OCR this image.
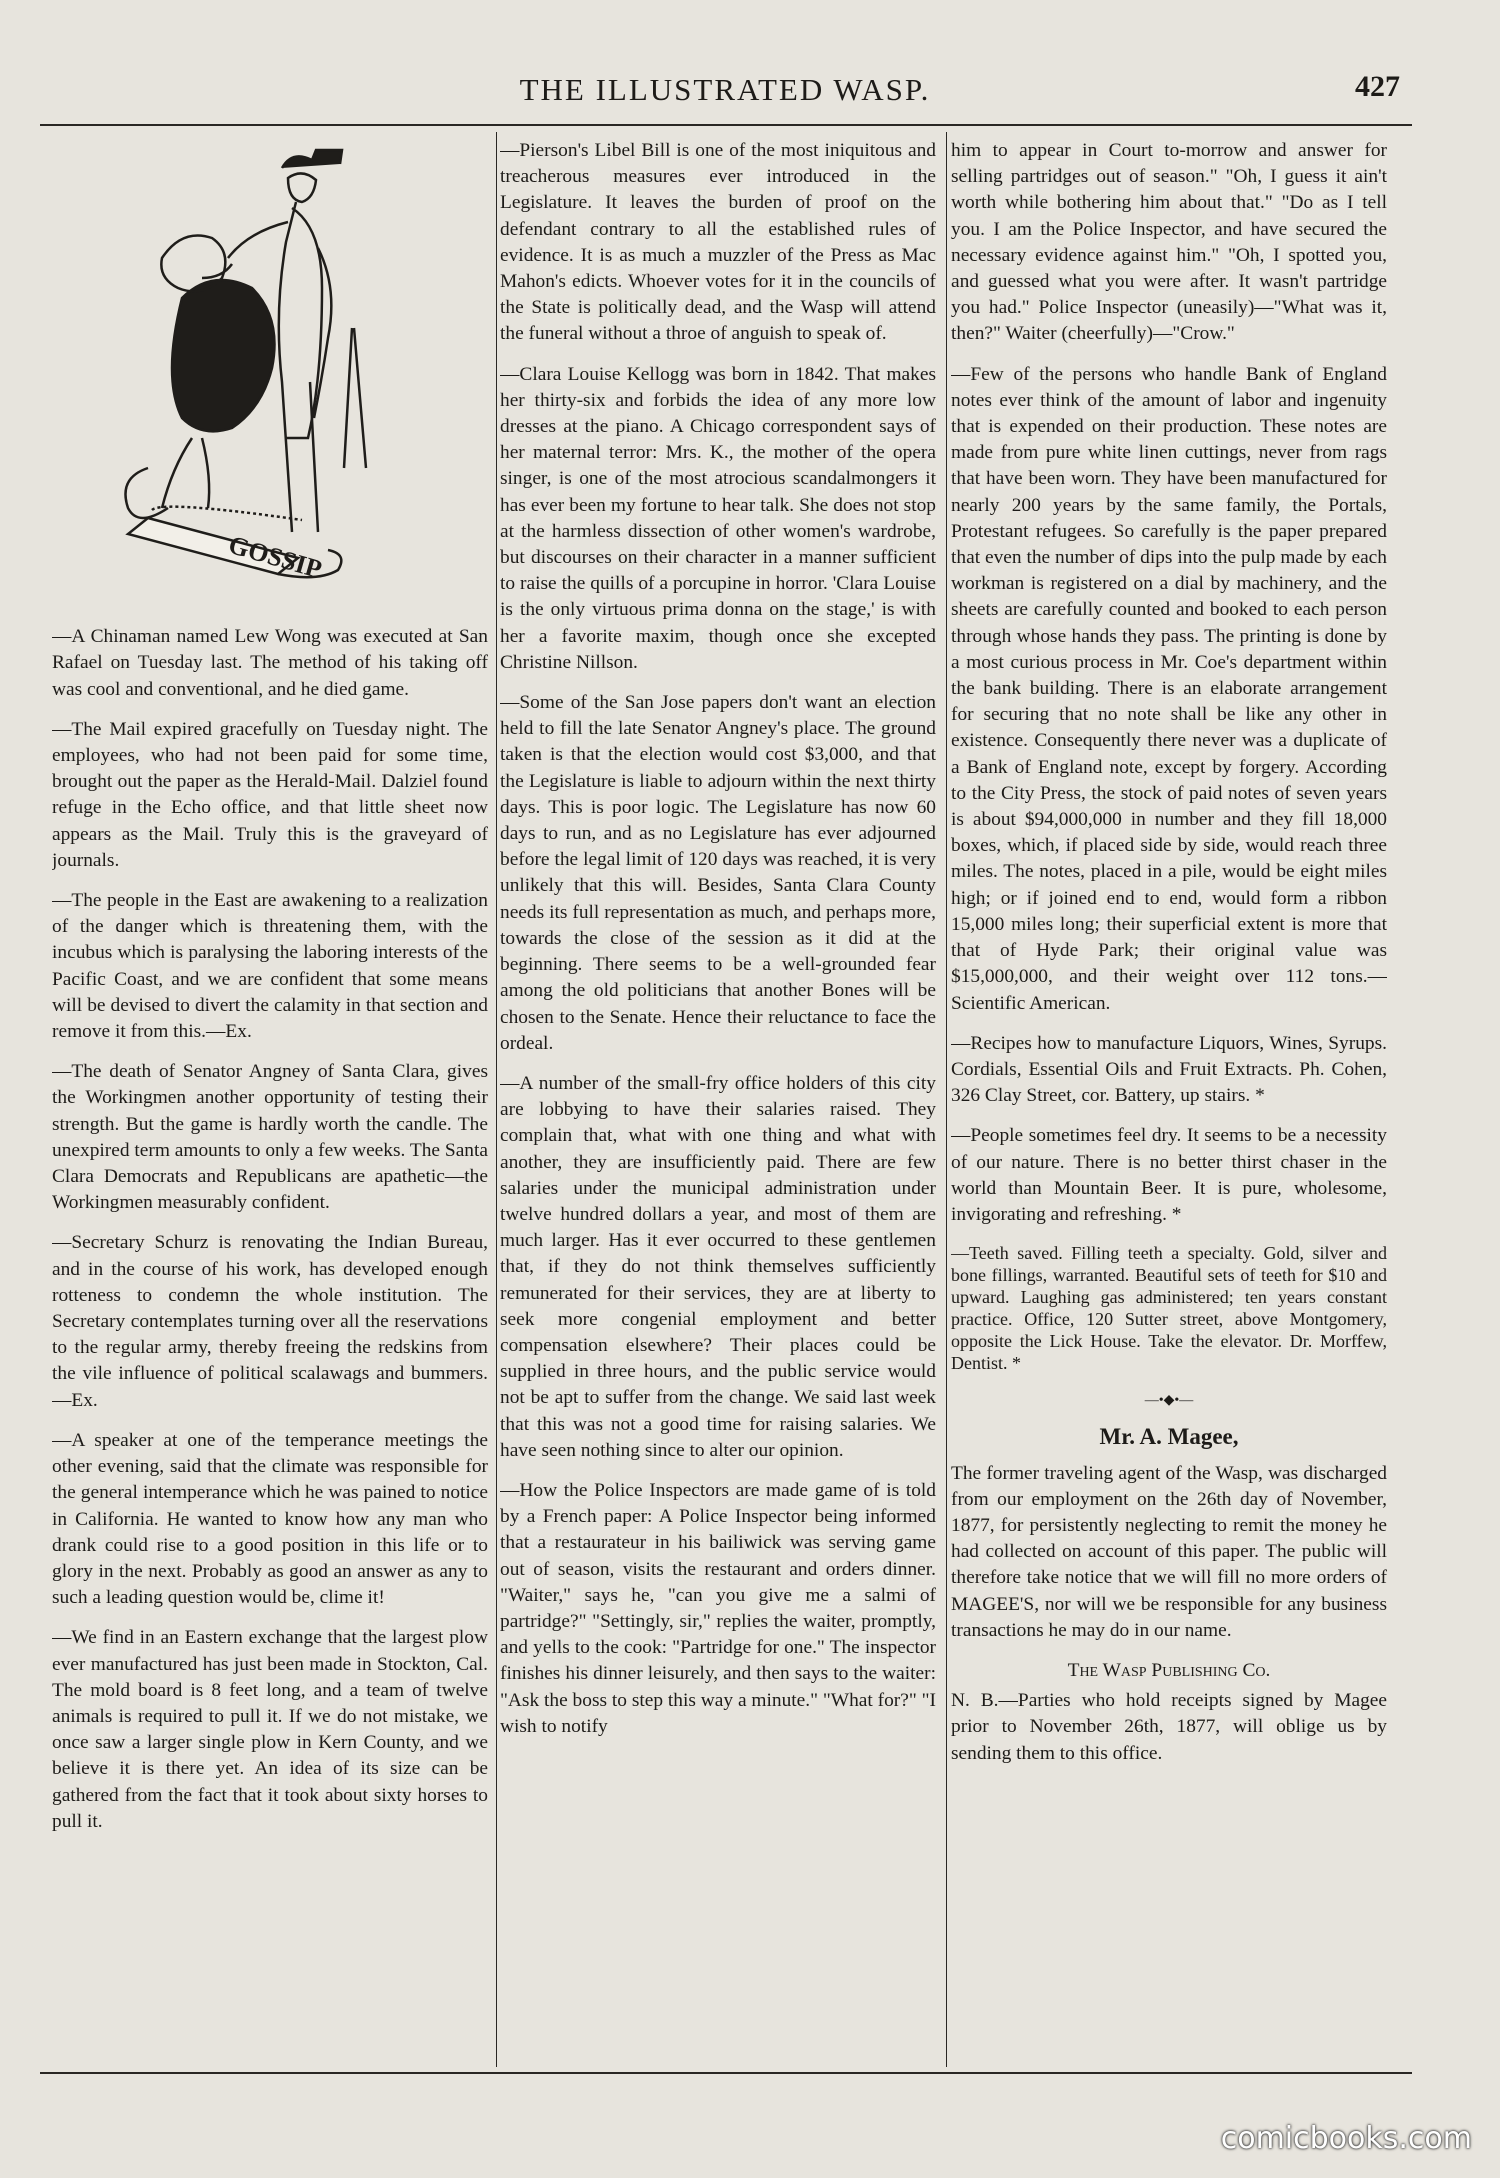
THE ILLUSTRATED WASP.	427
GOSSIP

—A Chinaman named Lew Wong was executed at San Rafael on Tuesday last. The method of his taking off was cool and conventional, and he died game.

—The Mail expired gracefully on Tuesday night. The employees, who had not been paid for some time, brought out the paper as the Herald-Mail. Dalziel found refuge in the Echo office, and that little sheet now appears as the Mail. Truly this is the graveyard of journals.

—The people in the East are awakening to a realization of the danger which is threatening them, with the incubus which is paralysing the laboring interests of the Pacific Coast, and we are confident that some means will be devised to divert the calamity in that section and remove it from this.—Ex.

—The death of Senator Angney of Santa Clara, gives the Workingmen another opportunity of testing their strength. But the game is hardly worth the candle. The unexpired term amounts to only a few weeks. The Santa Clara Democrats and Republicans are apathetic—the Workingmen measurably confident.

—Secretary Schurz is renovating the Indian Bureau, and in the course of his work, has developed enough rotteness to condemn the whole institution. The Secretary contemplates turning over all the reservations to the regular army, thereby freeing the redskins from the vile influence of political scalawags and bummers.—Ex.

—A speaker at one of the temperance meetings the other evening, said that the climate was responsible for the general intemperance which he was pained to notice in California. He wanted to know how any man who drank could rise to a good position in this life or to glory in the next. Probably as good an answer as any to such a leading question would be, clime it!

—We find in an Eastern exchange that the largest plow ever manufactured has just been made in Stockton, Cal. The mold board is 8 feet long, and a team of twelve animals is required to pull it. If we do not mistake, we once saw a larger single plow in Kern County, and we believe it is there yet. An idea of its size can be gathered from the fact that it took about sixty horses to pull it.

—Pierson's Libel Bill is one of the most iniquitous and treacherous measures ever introduced in the Legislature. It leaves the burden of proof on the defendant contrary to all the established rules of evidence. It is as much a muzzler of the Press as Mac Mahon's edicts. Whoever votes for it in the councils of the State is politically dead, and the Wasp will attend the funeral without a throe of anguish to speak of.

—Clara Louise Kellogg was born in 1842. That makes her thirty-six and forbids the idea of any more low dresses at the piano. A Chicago correspondent says of her maternal terror: Mrs. K., the mother of the opera singer, is one of the most atrocious scandalmongers it has ever been my fortune to hear talk. She does not stop at the harmless dissection of other women's wardrobe, but discourses on their character in a manner sufficient to raise the quills of a porcupine in horror. 'Clara Louise is the only virtuous prima donna on the stage,' is with her a favorite maxim, though once she excepted Christine Nillson.

—Some of the San Jose papers don't want an election held to fill the late Senator Angney's place. The ground taken is that the election would cost $3,000, and that the Legislature is liable to adjourn within the next thirty days. This is poor logic. The Legislature has now 60 days to run, and as no Legislature has ever adjourned before the legal limit of 120 days was reached, it is very unlikely that this will. Besides, Santa Clara County needs its full representation as much, and perhaps more, towards the close of the session as it did at the beginning. There seems to be a well-grounded fear among the old politicians that another Bones will be chosen to the Senate. Hence their reluctance to face the ordeal.

—A number of the small-fry office holders of this city are lobbying to have their salaries raised. They complain that, what with one thing and what with another, they are insufficiently paid. There are few salaries under the municipal administration under twelve hundred dollars a year, and most of them are much larger. Has it ever occurred to these gentlemen that, if they do not think themselves sufficiently remunerated for their services, they are at liberty to seek more congenial employment and better compensation elsewhere? Their places could be supplied in three hours, and the public service would not be apt to suffer from the change. We said last week that this was not a good time for raising salaries. We have seen nothing since to alter our opinion.

—How the Police Inspectors are made game of is told by a French paper: A Police Inspector being informed that a restaurateur in his bailiwick was serving game out of season, visits the restaurant and orders dinner. "Waiter," says he, "can you give me a salmi of partridge?" "Settingly, sir," replies the waiter, promptly, and yells to the cook: "Partridge for one." The inspector finishes his dinner leisurely, and then says to the waiter: "Ask the boss to step this way a minute." "What for?" "I wish to notify

him to appear in Court to-morrow and answer for selling partridges out of season." "Oh, I guess it ain't worth while bothering him about that." "Do as I tell you. I am the Police Inspector, and have secured the necessary evidence against him." "Oh, I spotted you, and guessed what you were after. It wasn't partridge you had." Police Inspector (uneasily)—"What was it, then?" Waiter (cheerfully)—"Crow."

—Few of the persons who handle Bank of England notes ever think of the amount of labor and ingenuity that is expended on their production. These notes are made from pure white linen cuttings, never from rags that have been worn. They have been manufactured for nearly 200 years by the same family, the Portals, Protestant refugees. So carefully is the paper prepared that even the number of dips into the pulp made by each workman is registered on a dial by machinery, and the sheets are carefully counted and booked to each person through whose hands they pass. The printing is done by a most curious process in Mr. Coe's department within the bank building. There is an elaborate arrangement for securing that no note shall be like any other in existence. Consequently there never was a duplicate of a Bank of England note, except by forgery. According to the City Press, the stock of paid notes of seven years is about $94,000,000 in number and they fill 18,000 boxes, which, if placed side by side, would reach three miles. The notes, placed in a pile, would be eight miles high; or if joined end to end, would form a ribbon 15,000 miles long; their superficial extent is more that that of Hyde Park; their original value was $15,000,000, and their weight over 112 tons.—Scientific American.

—Recipes how to manufacture Liquors, Wines, Syrups. Cordials, Essential Oils and Fruit Extracts. Ph. Cohen, 326 Clay Street, cor. Battery, up stairs. *

—People sometimes feel dry. It seems to be a necessity of our nature. There is no better thirst chaser in the world than Mountain Beer. It is pure, wholesome, invigorating and refreshing. *

—Teeth saved. Filling teeth a specialty. Gold, silver and bone fillings, warranted. Beautiful sets of teeth for $10 and upward. Laughing gas administered; ten years constant practice. Office, 120 Sutter street, above Montgomery, opposite the Lick House. Take the elevator. Dr. Morffew, Dentist. *

—•◆•—
Mr. A. Magee,

The former traveling agent of the Wasp, was discharged from our employment on the 26th day of November, 1877, for persistently neglecting to remit the money he had collected on account of this paper. The public will therefore take notice that we will fill no more orders of MAGEE'S, nor will we be responsible for any business transactions he may do in our name.

The Wasp Publishing Co.

N. B.—Parties who hold receipts signed by Magee prior to November 26th, 1877, will oblige us by sending them to this office.

comicbooks.com
